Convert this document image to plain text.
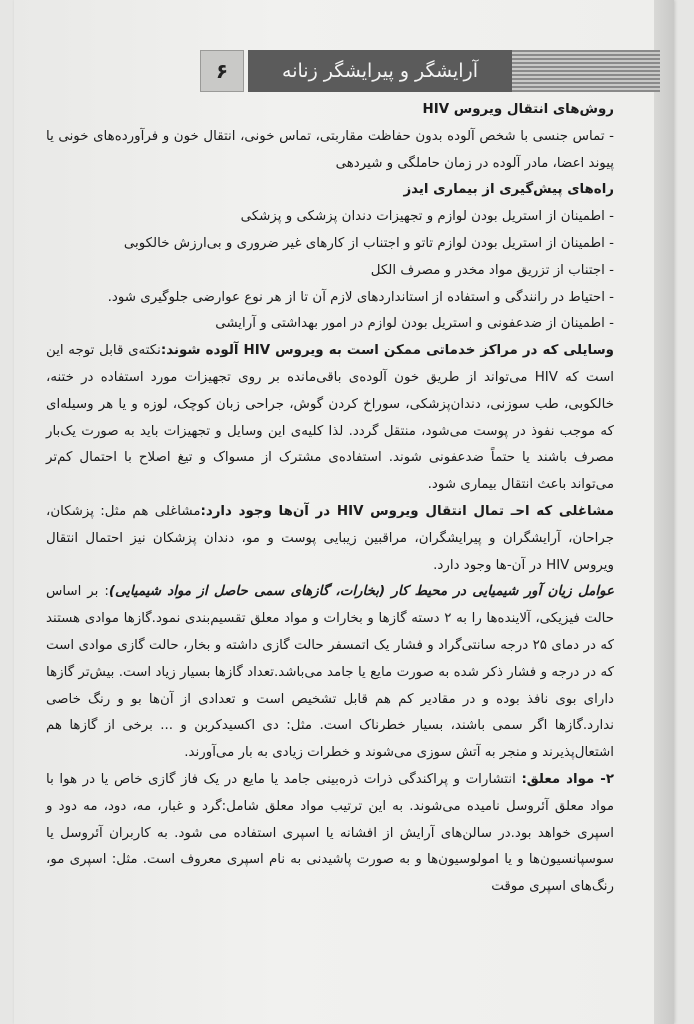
۶	آرایشگر و پیرایشگر زنانه

روش‌های انتقال ویروس HIV

- تماس جنسی با شخص آلوده بدون حفاظت مقاربتی، تماس خونی، انتقال خون و فرآورده‌های خونی یا پیوند اعضا، مادر آلوده در زمان حاملگی و شیردهی

راه‌های پیش‌گیری از بیماری ایدز

- اطمینان از استریل بودن لوازم و تجهیزات دندان پزشکی و پزشکی

- اطمینان از استریل بودن لوازم تاتو و اجتناب از کارهای غیر ضروری و بی‌ارزش خالکوبی

- اجتناب از تزریق مواد مخدر و مصرف الکل

- احتیاط در رانندگی و استفاده از استانداردهای لازم آن تا از هر نوع عوارضی جلوگیری شود.

- اطمینان از ضدعفونی و استریل بودن لوازم در امور بهداشتی و آرایشی

وسایلی که در مراکز خدماتی ممکن است به ویروس HIV آلوده شوند:نکته‌ی قابل توجه این است که HIV می‌تواند از طریق خون آلوده‌ی باقی‌مانده بر روی تجهیزات مورد استفاده در ختنه، خالکوبی، طب سوزنی، دندان‌پزشکی، سوراخ کردن گوش، جراحی زبان کوچک، لوزه و یا هر وسیله‌ای که موجب نفوذ در پوست می‌شود، منتقل گردد. لذا کلیه‌ی این وسایل و تجهیزات باید به صورت یک‌بار مصرف باشند یا حتماً ضدعفونی شوند. استفاده‌ی مشترک از مسواک و تیغ اصلاح با احتمال کم‌تر می‌تواند باعث انتقال بیماری شود.

مشاغلی که احـ تمال انتقال ویروس HIV در آن‌ها وجود دارد:مشاغلی هم مثل: پزشکان، جراحان، آرایشگران و پیرایشگران، مراقبین زیبایی پوست و مو، دندان پزشکان نیز احتمال انتقال ویروس HIV در آن-ها وجود دارد.

عوامل زیان آور شیمیایی در محیط کار (بخارات، گازهای سمی حاصل از مواد شیمیایی): بر اساس حالت فیزیکی، آلاینده‌ها را به ۲ دسته گازها و بخارات و مواد معلق تقسیم‌بندی نمود.گازها موادی هستند که در دمای ۲۵ درجه سانتی‌گراد و فشار یک اتمسفر حالت گازی داشته و بخار، حالت گازی موادی است که در درجه و فشار ذکر شده به صورت مایع یا جامد می‌باشد.تعداد گازها بسیار زیاد است. بیش‌تر گازها دارای بوی نافذ بوده و در مقادیر کم هم قابل تشخیص است و تعدادی از آن‌ها بو و رنگ خاصی ندارد.گازها اگر سمی باشند، بسیار خطرناک است. مثل: دی اکسیدکربن و ... برخی از گازها هم اشتعال‌پذیرند و منجر به آتش سوزی می‌شوند و خطرات زیادی به بار می‌آورند.

۲- مواد معلق: انتشارات و پراکندگی ذرات ذره‌بینی جامد یا مایع در یک فاز گازی خاص یا در هوا با مواد معلق آئروسل نامیده می‌شوند. به این ترتیب مواد معلق شامل:گرد و غبار، مه، دود، مه دود و اسپری خواهد بود.در سالن‌های آرایش از افشانه یا اسپری استفاده می شود. به کاربران آئروسل یا سوسپانسیون‌ها و یا امولوسیون‌ها و به صورت پاشیدنی به نام اسپری معروف است. مثل: اسپری مو، رنگ‌های اسپری موقت
